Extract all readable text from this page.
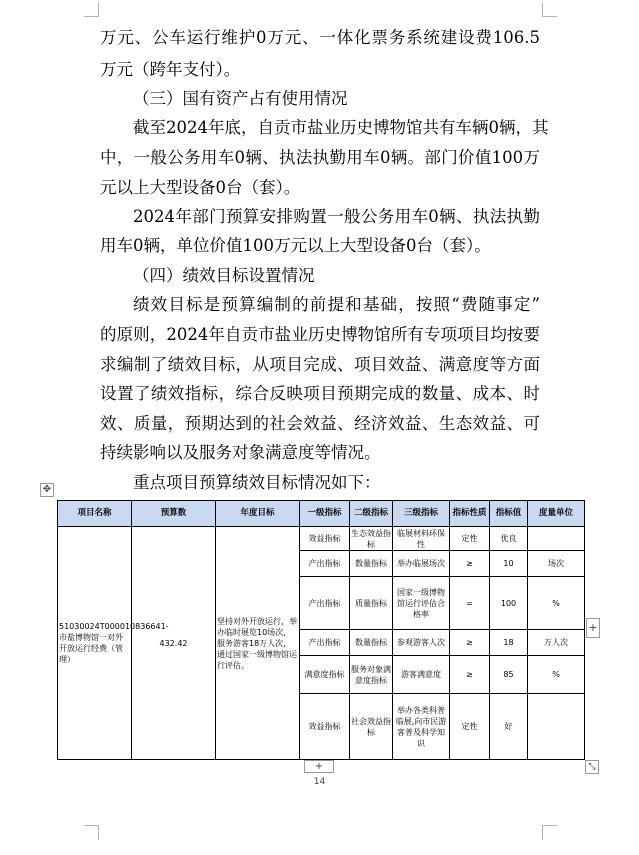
万元、公车运行维护0万元、一体化票务系统建设费106.5
万元（跨年支付）。
（三）国有资产占有使用情况
截至2024年底，自贡市盐业历史博物馆共有车辆0辆，其
中，一般公务用车0辆、执法执勤用车0辆。部门价值100万
元以上大型设备0台（套）。
2024年部门预算安排购置一般公务用车0辆、执法执勤
用车0辆，单位价值100万元以上大型设备0台（套）。
（四）绩效目标设置情况
绩效目标是预算编制的前提和基础，按照“费随事定”
的原则，2024年自贡市盐业历史博物馆所有专项项目均按要
求编制了绩效目标，从项目完成、项目效益、满意度等方面
设置了绩效指标，综合反映项目预期完成的数量、成本、时
效、质量，预期达到的社会效益、经济效益、生态效益、可
持续影响以及服务对象满意度等情况。
重点项目预算绩效目标情况如下：
✥
项目名称	预算数	年度目标	一级指标	二级指标	三级指标	指标性质	指标值	度量单位
51030024T000010836641-市盐博物馆一对外开放运行经费（管理）	432.42	坚持对外开放运行，举办临时展览10场次，服务游客18万人次，通过国家一级博物馆运行评估。	效益指标	生态效益指标	临展材料环保性	定性	优良	
			产出指标	数量指标	举办临展场次	≥	10	场次
			产出指标	质量指标	国家一级博物馆运行评估合格率	=	100	%
			产出指标	数量指标	参观游客人次	≥	18	万人次
			满意度指标	服务对象满意度指标	游客满意度	≥	85	%
			效益指标	社会效益指标	举办各类科普临展,向市民游客普及科学知识	定性	好	
+
+	⤡
14
